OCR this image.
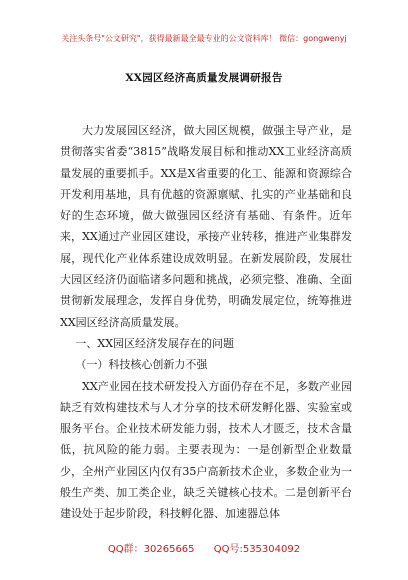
关注头条号"公文研究"，获得最新最全最专业的公文资料库！ 微信：gongwenyj
XX园区经济高质量发展调研报告

大力发展园区经济，做大园区规模，做强主导产业，是贯彻落实省委“3815”战略发展目标和推动XX工业经济高质量发展的重要抓手。XX是X省重要的化工、能源和资源综合开发利用基地，具有优越的资源禀赋、扎实的产业基础和良好的生态环境，做大做强园区经济有基础、有条件。近年来，XX通过产业园区建设，承接产业转移，推进产业集群发展，现代化产业体系建设成效明显。在新发展阶段，发展壮大园区经济仍面临诸多问题和挑战，必须完整、准确、全面贯彻新发展理念，发挥自身优势，明确发展定位，统筹推进XX园区经济高质量发展。

一、XX园区经济发展存在的问题

（一）科技核心创新力不强

XX产业园在技术研发投入方面仍存在不足，多数产业园缺乏有效构建技术与人才分享的技术研发孵化器、实验室或服务平台。企业技术研发能力弱，技术人才匮乏，技术含量低，抗风险的能力弱。主要表现为：一是创新型企业数量少，全州产业园区内仅有35户高新技术企业，多数企业为一般生产类、加工类企业，缺乏关键核心技术。二是创新平台建设处于起步阶段，科技孵化器、加速器总体

QQ群：30265665 QQ号:535304092
